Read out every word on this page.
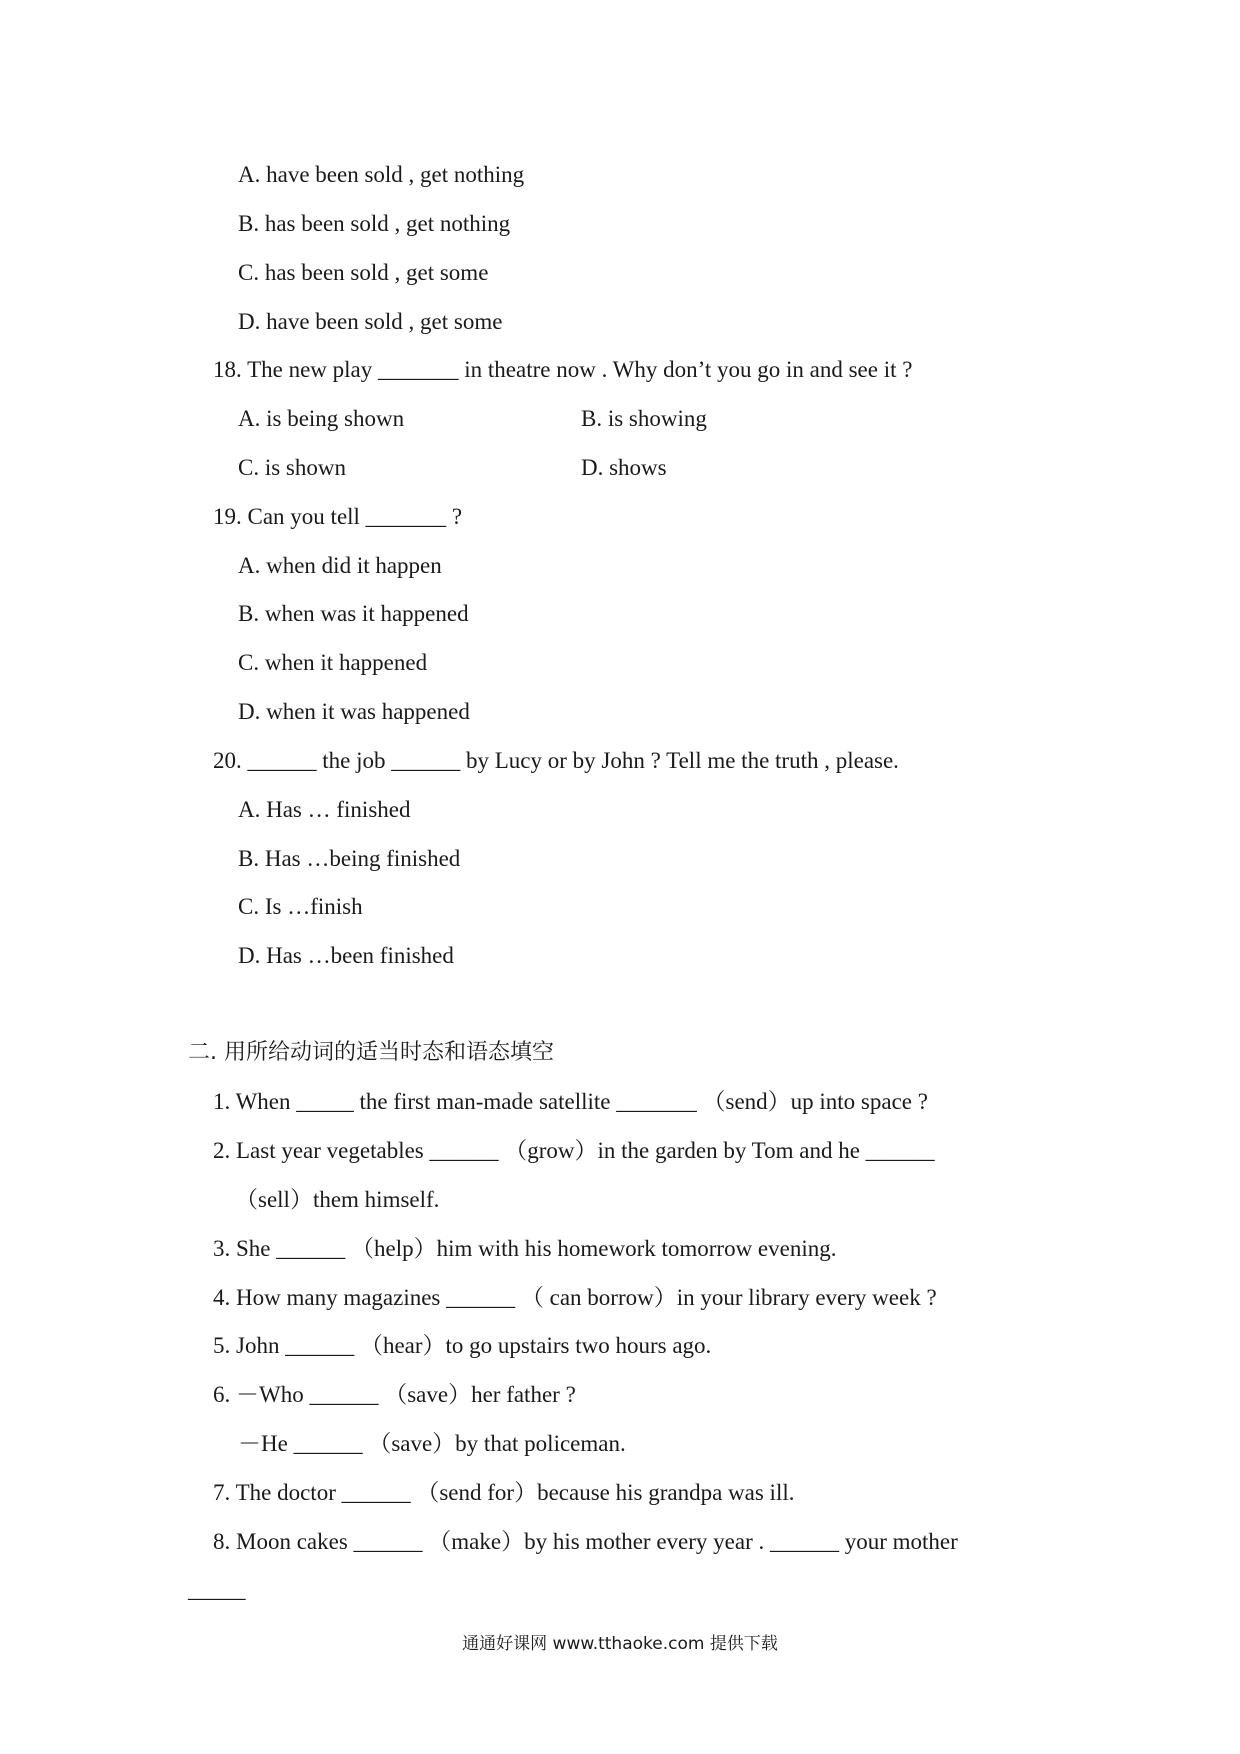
A. have been sold , get nothing
B. has been sold , get nothing
C. has been sold , get some
D. have been sold , get some
18. The new play _______ in theatre now . Why don’t you go in and see it ?
A. is being shown	B. is showing
C. is shown	D. shows
19. Can you tell _______ ?
A. when did it happen
B. when was it happened
C. when it happened
D. when it was happened
20. ______ the job ______ by Lucy or by John ? Tell me the truth , please.
A. Has … finished
B. Has …being finished
C. Is …finish
D. Has …been finished
二. 用所给动词的适当时态和语态填空
1. When _____ the first man-made satellite _______ （send）up into space ?
2. Last year vegetables ______ （grow）in the garden by Tom and he ______
（sell）them himself.
3. She ______ （help）him with his homework tomorrow evening.
4. How many magazines ______ （ can borrow）in your library every week ?
5. John ______ （hear）to go upstairs two hours ago.
6. －Who ______ （save）her father ?
－He ______ （save）by that policeman.
7. The doctor ______ （send for）because his grandpa was ill.
8. Moon cakes ______ （make）by his mother every year . ______ your mother
_____
通通好课网 www.tthaoke.com 提供下载
